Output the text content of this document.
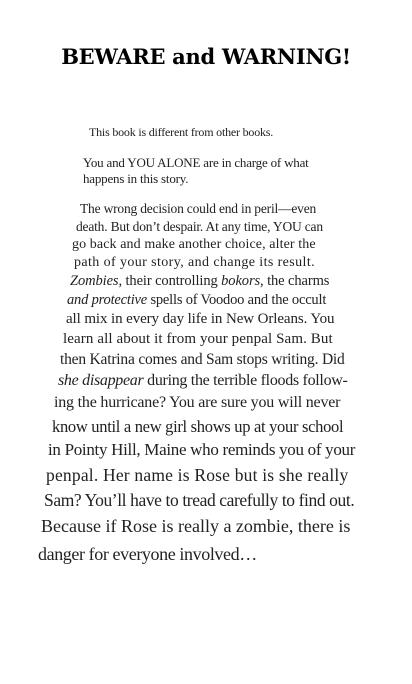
BEWARE and WARNING!
This book is different from other books.
You and YOU ALONE are in charge of what
happens in this story.
The wrong decision could end in peril—even
death. But don’t despair. At any time, YOU can
go back and make another choice, alter the
path of your story, and change its result.
Zombies, their controlling bokors, the charms
and protective spells of Voodoo and the occult
all mix in every day life in New Orleans. You
learn all about it from your penpal Sam. But
then Katrina comes and Sam stops writing. Did
she disappear during the terrible floods follow-
ing the hurricane? You are sure you will never
know until a new girl shows up at your school
in Pointy Hill, Maine who reminds you of your
penpal. Her name is Rose but is she really
Sam? You’ll have to tread carefully to find out.
Because if Rose is really a zombie, there is
danger for everyone involved…
